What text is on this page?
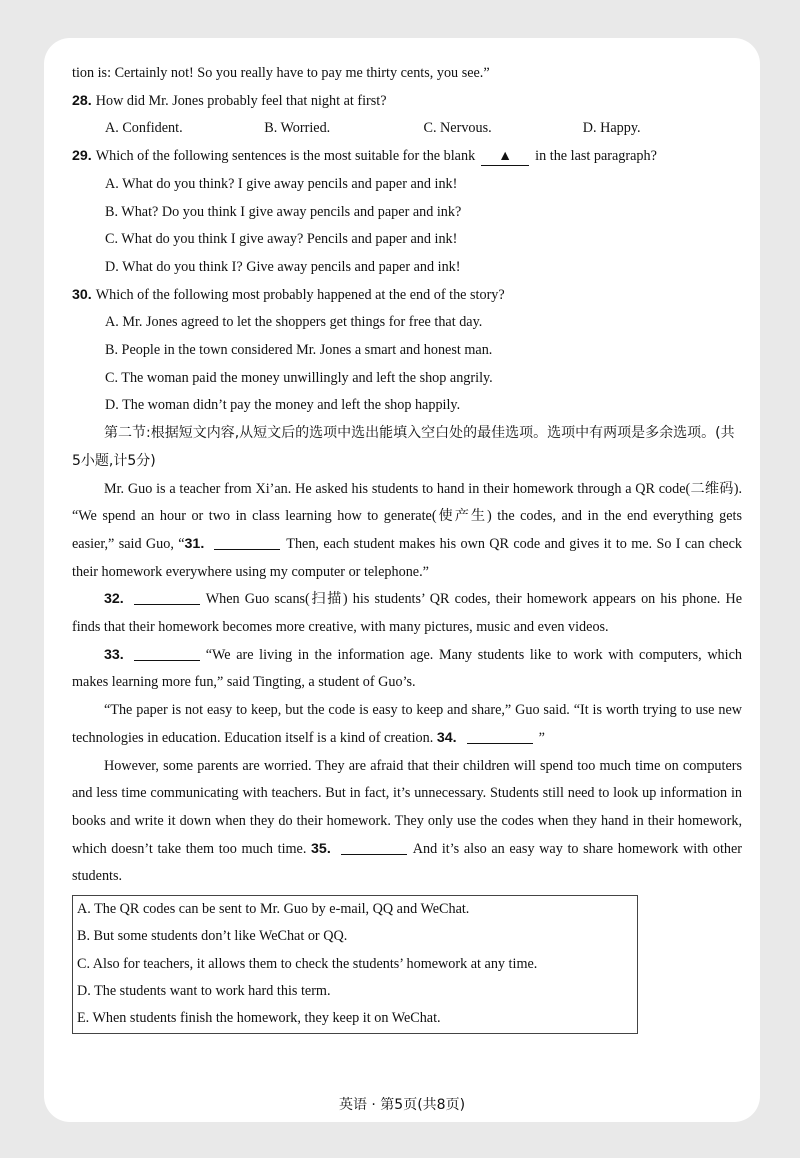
tion is: Certainly not! So you really have to pay me thirty cents, you see.”

28. How did Mr. Jones probably feel that night at first?

A. Confident.	B. Worried.	C. Nervous.	D. Happy.

29. Which of the following sentences is the most suitable for the blank ▲ in the last paragraph?

A. What do you think? I give away pencils and paper and ink!

B. What? Do you think I give away pencils and paper and ink?

C. What do you think I give away? Pencils and paper and ink!

D. What do you think I? Give away pencils and paper and ink!

30. Which of the following most probably happened at the end of the story?

A. Mr. Jones agreed to let the shoppers get things for free that day.

B. People in the town considered Mr. Jones a smart and honest man.

C. The woman paid the money unwillingly and left the shop angrily.

D. The woman didn’t pay the money and left the shop happily.

第二节:根据短文内容,从短文后的选项中选出能填入空白处的最佳选项。选项中有两项是多余选项。(共5小题,计5分)

Mr. Guo is a teacher from Xi’an. He asked his students to hand in their homework through a QR code(二维码). “We spend an hour or two in class learning how to generate(使产生) the codes, and in the end everything gets easier,” said Guo, “31.	Then, each student makes his own QR code and gives it to me. So I can check their homework everywhere using my computer or telephone.”

32.	When Guo scans(扫描) his students’ QR codes, their homework appears on his phone. He finds that their homework becomes more creative, with many pictures, music and even videos.

33.	“We are living in the information age. Many students like to work with computers, which makes learning more fun,” said Tingting, a student of Guo’s.

“The paper is not easy to keep, but the code is easy to keep and share,” Guo said. “It is worth trying to use new technologies in education. Education itself is a kind of creation. 34.	”

However, some parents are worried. They are afraid that their children will spend too much time on computers and less time communicating with teachers. But in fact, it’s unnecessary. Students still need to look up information in books and write it down when they do their homework. They only use the codes when they hand in their homework, which doesn’t take them too much time. 35.	And it’s also an easy way to share homework with other students.

A. The QR codes can be sent to Mr. Guo by e-mail, QQ and WeChat.

B. But some students don’t like WeChat or QQ.

C. Also for teachers, it allows them to check the students’ homework at any time.

D. The students want to work hard this term.

E. When students finish the homework, they keep it on WeChat.

英语 · 第5页(共8页)
